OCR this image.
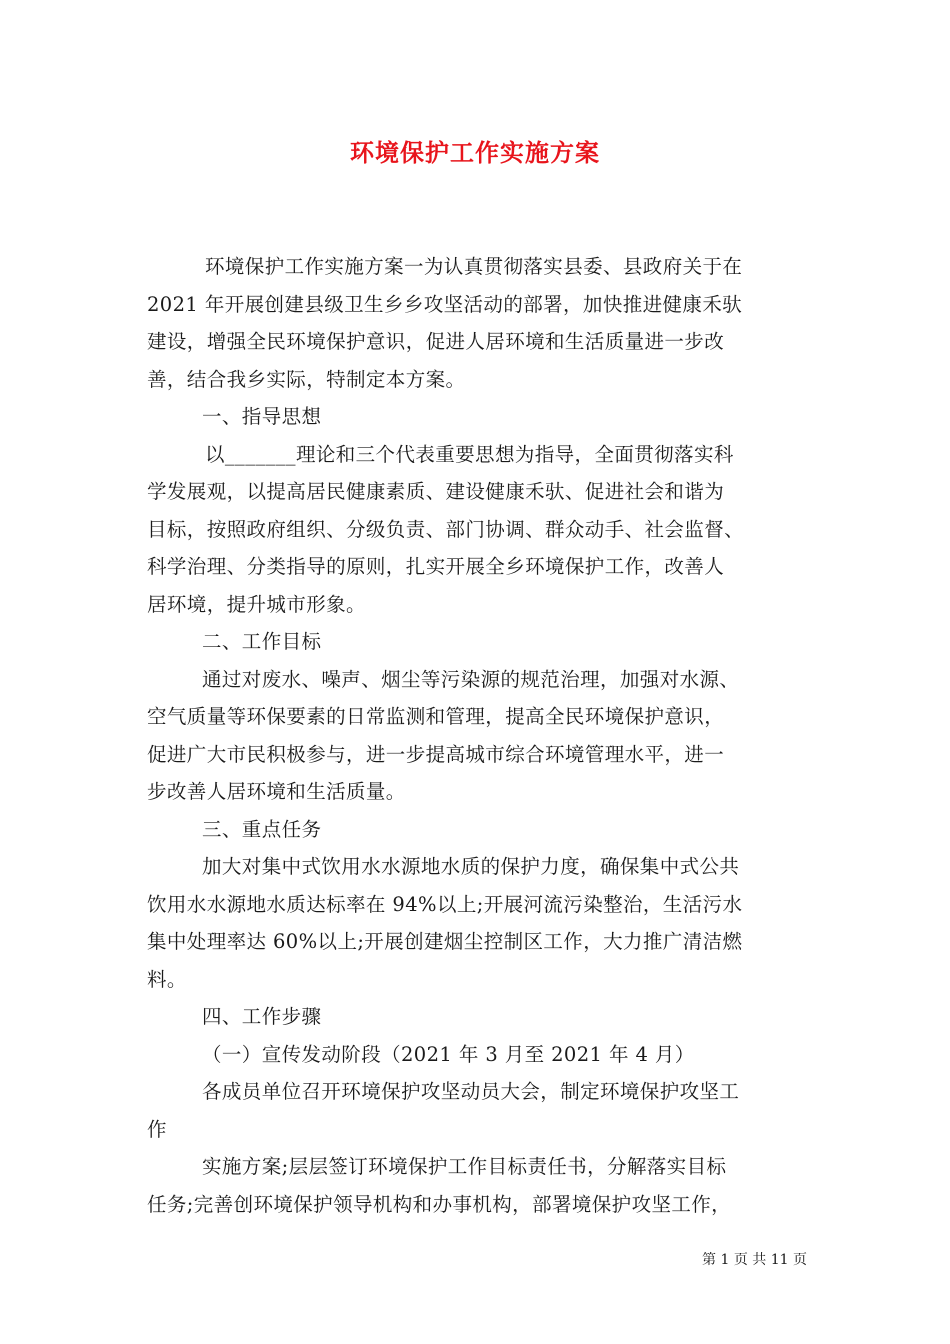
环境保护工作实施方案

环境保护工作实施方案一为认真贯彻落实县委、县政府关于在

2021 年开展创建县级卫生乡乡攻坚活动的部署，加快推进健康禾驮

建设，增强全民环境保护意识，促进人居环境和生活质量进一步改

善，结合我乡实际，特制定本方案。

一、指导思想

以_______理论和三个代表重要思想为指导，全面贯彻落实科

学发展观，以提高居民健康素质、建设健康禾驮、促进社会和谐为

目标，按照政府组织、分级负责、部门协调、群众动手、社会监督、

科学治理、分类指导的原则，扎实开展全乡环境保护工作，改善人

居环境，提升城市形象。

二、工作目标

通过对废水、噪声、烟尘等污染源的规范治理，加强对水源、

空气质量等环保要素的日常监测和管理，提高全民环境保护意识，

促进广大市民积极参与，进一步提高城市综合环境管理水平，进一

步改善人居环境和生活质量。

三、重点任务

加大对集中式饮用水水源地水质的保护力度，确保集中式公共

饮用水水源地水质达标率在 94%以上;开展河流污染整治，生活污水

集中处理率达 60%以上;开展创建烟尘控制区工作，大力推广清洁燃

料。

四、工作步骤

（一）宣传发动阶段（2021 年 3 月至 2021 年 4 月）

各成员单位召开环境保护攻坚动员大会，制定环境保护攻坚工

作

实施方案;层层签订环境保护工作目标责任书，分解落实目标

任务;完善创环境保护领导机构和办事机构，部署境保护攻坚工作，

第 1 页 共 11 页
